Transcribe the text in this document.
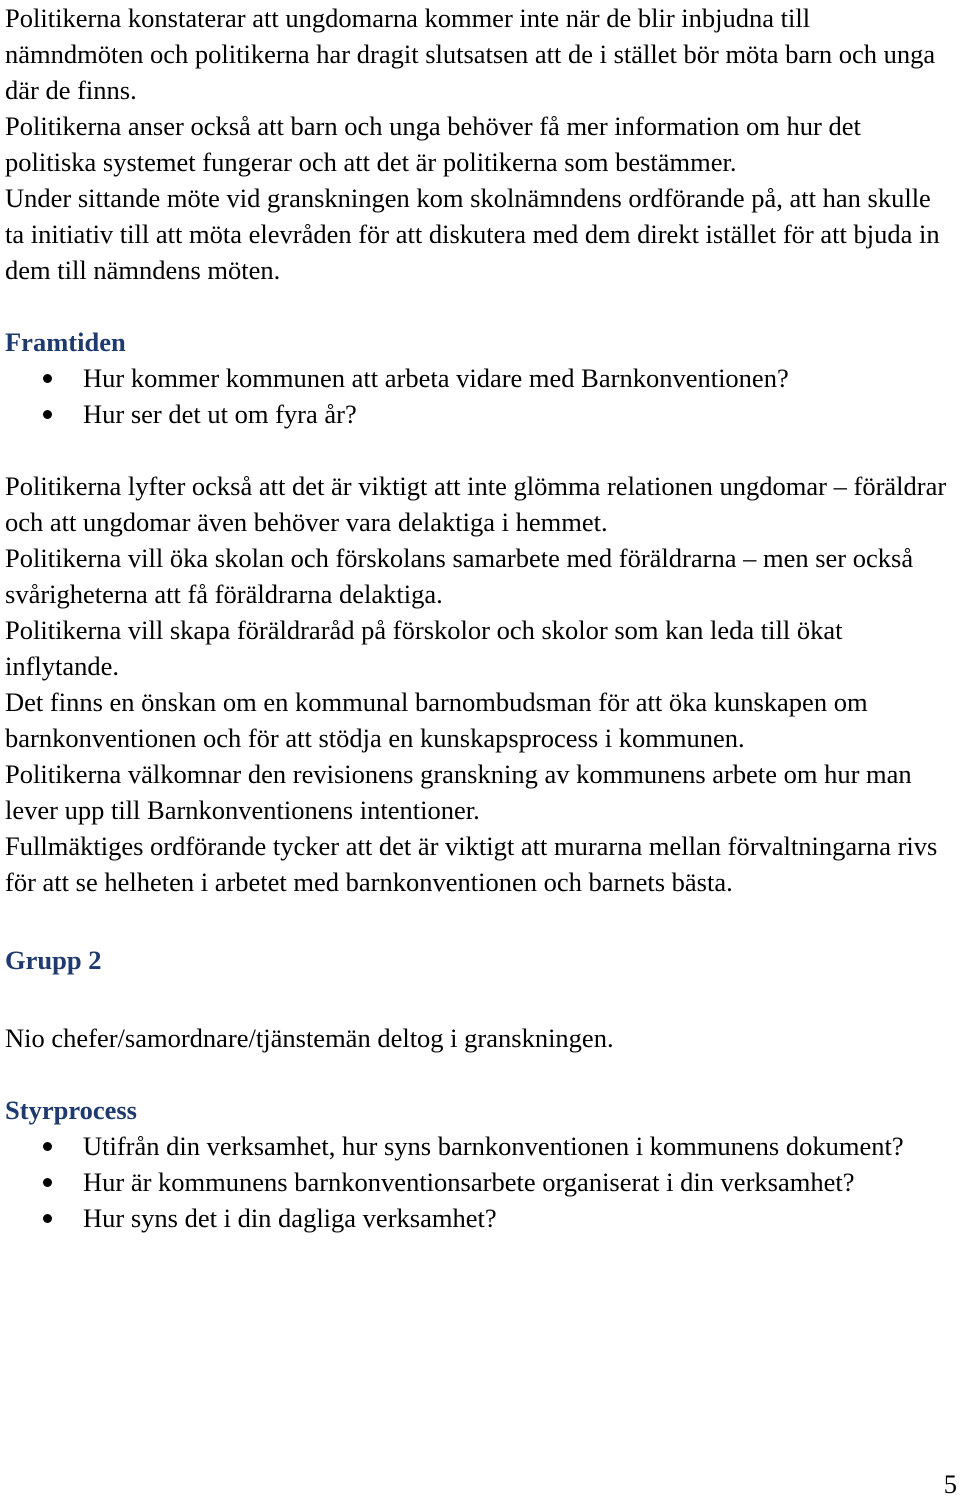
Politikerna konstaterar att ungdomarna kommer inte när de blir inbjudna till nämndmöten och politikerna har dragit slutsatsen att de i stället bör möta barn och unga där de finns.

Politikerna anser också att barn och unga behöver få mer information om hur det politiska systemet fungerar och att det är politikerna som bestämmer.

Under sittande möte vid granskningen kom skolnämndens ordförande på, att han skulle ta initiativ till att möta elevråden för att diskutera med dem direkt istället för att bjuda in dem till nämndens möten.

Framtiden
Hur kommer kommunen att arbeta vidare med Barnkonventionen?
Hur ser det ut om fyra år?

Politikerna lyfter också att det är viktigt att inte glömma relationen ungdomar – föräldrar och att ungdomar även behöver vara delaktiga i hemmet.

Politikerna vill öka skolan och förskolans samarbete med föräldrarna – men ser också svårigheterna att få föräldrarna delaktiga.

Politikerna vill skapa föräldraråd på förskolor och skolor som kan leda till ökat inflytande.

Det finns en önskan om en kommunal barnombudsman för att öka kunskapen om barnkonventionen och för att stödja en kunskapsprocess i kommunen.

Politikerna välkomnar den revisionens granskning av kommunens arbete om hur man lever upp till Barnkonventionens intentioner.

Fullmäktiges ordförande tycker att det är viktigt att murarna mellan förvaltningarna rivs för att se helheten i arbetet med barnkonventionen och barnets bästa.

Grupp 2

Nio chefer/samordnare/tjänstemän deltog i granskningen.

Styrprocess
Utifrån din verksamhet, hur syns barnkonventionen i kommunens dokument?
Hur är kommunens barnkonventionsarbete organiserat i din verksamhet?
Hur syns det i din dagliga verksamhet?
5
